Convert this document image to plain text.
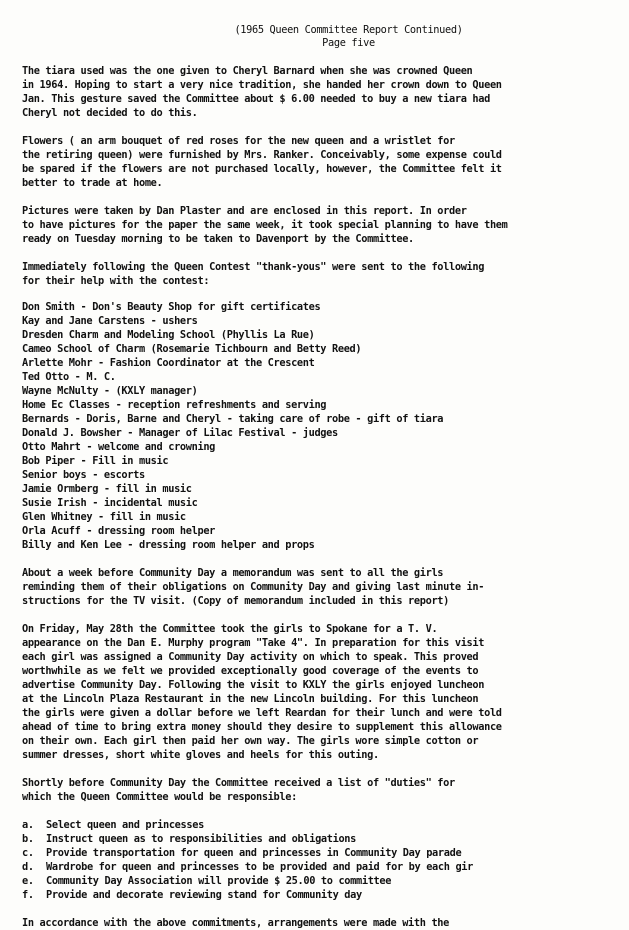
(1965 Queen Committee Report Continued)
Page five
The tiara used was the one given to Cheryl Barnard when she was crowned Queen
in 1964. Hoping to start a very nice tradition, she handed her crown down to Queen
Jan. This gesture saved the Committee about $ 6.00 needed to buy a new tiara had
Cheryl not decided to do this.
Flowers ( an arm bouquet of red roses for the new queen and a wristlet for
the retiring queen) were furnished by Mrs. Ranker. Conceivably, some expense could
be spared if the flowers are not purchased locally, however, the Committee felt it
better to trade at home.
Pictures were taken by Dan Plaster and are enclosed in this report. In order
to have pictures for the paper the same week, it took special planning to have them
ready on Tuesday morning to be taken to Davenport by the Committee.
Immediately following the Queen Contest "thank-yous" were sent to the following
for their help with the contest:
Don Smith - Don's Beauty Shop for gift certificates
Kay and Jane Carstens - ushers
Dresden Charm and Modeling School (Phyllis La Rue)
Cameo School of Charm (Rosemarie Tichbourn and Betty Reed)
Arlette Mohr - Fashion Coordinator at the Crescent
Ted Otto - M. C.
Wayne McNulty - (KXLY manager)
Home Ec Classes - reception refreshments and serving
Bernards - Doris, Barne and Cheryl - taking care of robe - gift of tiara
Donald J. Bowsher - Manager of Lilac Festival - judges
Otto Mahrt - welcome and crowning
Bob Piper - Fill in music
Senior boys - escorts
Jamie Ormberg - fill in music
Susie Irish - incidental music
Glen Whitney - fill in music
Orla Acuff - dressing room helper
Billy and Ken Lee - dressing room helper and props
About a week before Community Day a memorandum was sent to all the girls
reminding them of their obligations on Community Day and giving last minute in-
structions for the TV visit. (Copy of memorandum included in this report)
On Friday, May 28th the Committee took the girls to Spokane for a T. V.
appearance on the Dan E. Murphy program "Take 4". In preparation for this visit
each girl was assigned a Community Day activity on which to speak. This proved
worthwhile as we felt we provided exceptionally good coverage of the events to
advertise Community Day. Following the visit to KXLY the girls enjoyed luncheon
at the Lincoln Plaza Restaurant in the new Lincoln building. For this luncheon
the girls were given a dollar before we left Reardan for their lunch and were told
ahead of time to bring extra money should they desire to supplement this allowance
on their own. Each girl then paid her own way. The girls wore simple cotton or
summer dresses, short white gloves and heels for this outing.
Shortly before Community Day the Committee received a list of "duties" for
which the Queen Committee would be responsible:
a. Select queen and princesses
b. Instruct queen as to responsibilities and obligations
c. Provide transportation for queen and princesses in Community Day parade
d. Wardrobe for queen and princesses to be provided and paid for by each gir
e. Community Day Association will provide $ 25.00 to committee
f. Provide and decorate reviewing stand for Community day
In accordance with the above commitments, arrangements were made with the
